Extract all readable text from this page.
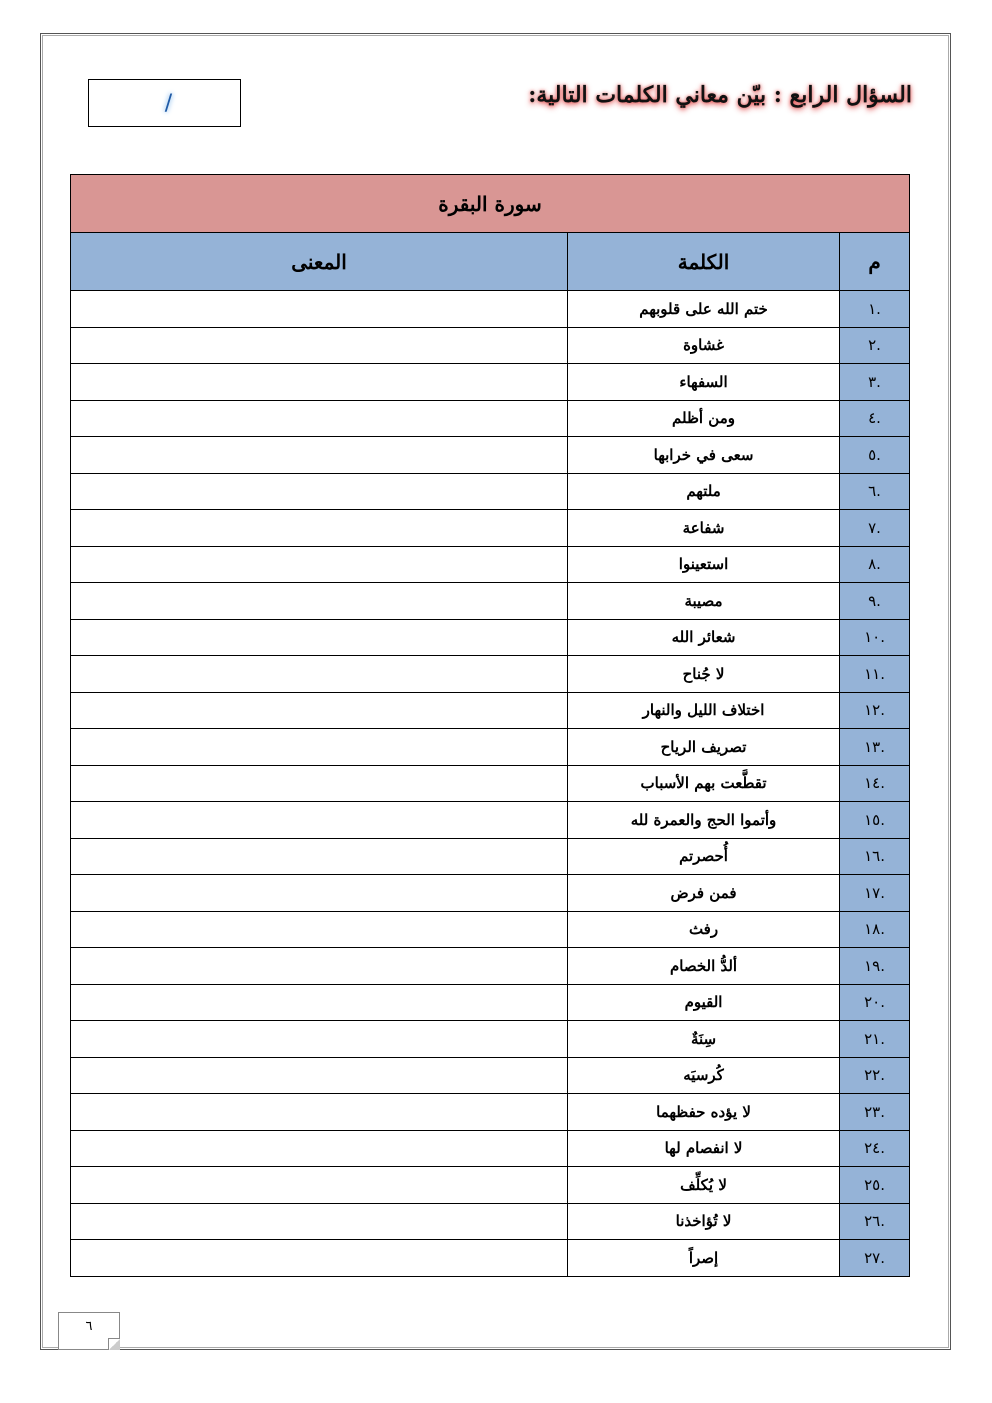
/	السؤال الرابع : بيّن معاني الكلمات التالية:
سورة البقرة		
م	الكلمة	المعنى
.١	ختم الله على قلوبهم	
.٢	غشاوة	
.٣	السفهاء	
.٤	ومن أظلم	
.٥	سعى في خرابها	
.٦	ملتهم	
.٧	شفاعة	
.٨	استعينوا	
.٩	مصيبة	
.١٠	شعائر الله	
.١١	لا جُناح	
.١٢	اختلاف الليل والنهار	
.١٣	تصريف الرياح	
.١٤	تقطَّعت بهم الأسباب	
.١٥	وأتموا الحج والعمرة لله	
.١٦	أُحصرتم	
.١٧	فمن فرض	
.١٨	رفث	
.١٩	ألدُّ الخصام	
.٢٠	القيوم	
.٢١	سِنَةٌ	
.٢٢	كُرسيَه	
.٢٣	لا يؤده حفظهما	
.٢٤	لا انفصام لها	
.٢٥	لا يُكلِّف	
.٢٦	لا تُؤاخذنا	
.٢٧	إصراً	
٦
